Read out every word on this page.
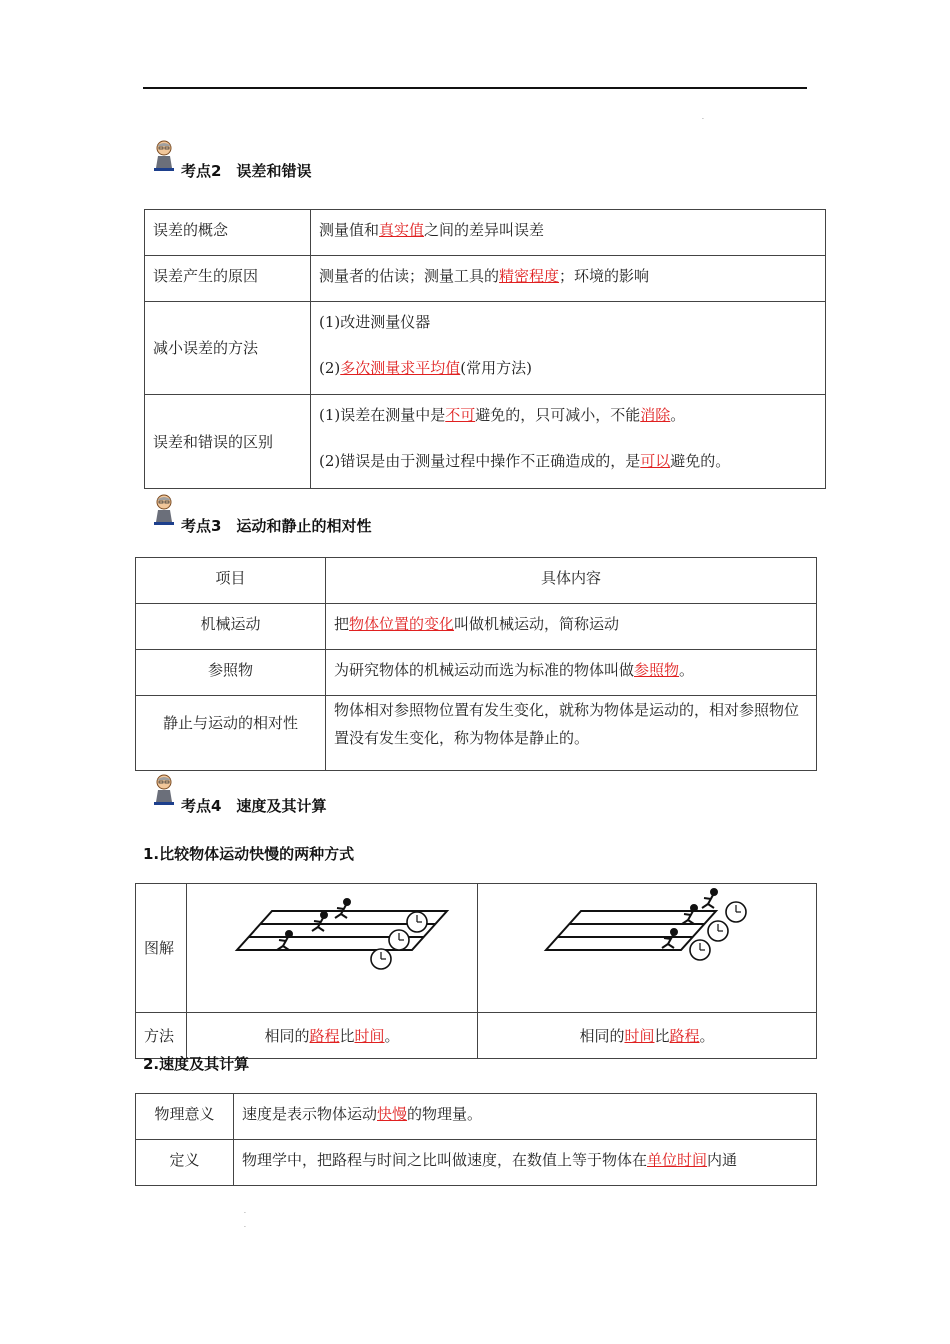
·
考点2　误差和错误
误差的概念	测量值和真实值之间的差异叫误差
误差产生的原因	测量者的估读；测量工具的精密程度；环境的影响
减小误差的方法	(1)改进测量仪器

(2)多次测量求平均值(常用方法)

误差和错误的区别	(1)误差在测量中是不可避免的，只可减小，不能消除。

(2)错误是由于测量过程中操作不正确造成的，是可以避免的。

考点3　运动和静止的相对性
项目	具体内容
机械运动	把物体位置的变化叫做机械运动，简称运动
参照物	为研究物体的机械运动而选为标准的物体叫做参照物。
静止与运动的相对性	物体相对参照物位置有发生变化，就称为物体是运动的，相对参照物位置没有发生变化，称为物体是静止的。
考点4　速度及其计算
1.比较物体运动快慢的两种方式
图解		
方法	相同的路程比时间。	相同的时间比路程。
2.速度及其计算
物理意义	速度是表示物体运动快慢的物理量。
定义	物理学中，把路程与时间之比叫做速度，在数值上等于物体在单位时间内通
·
·
